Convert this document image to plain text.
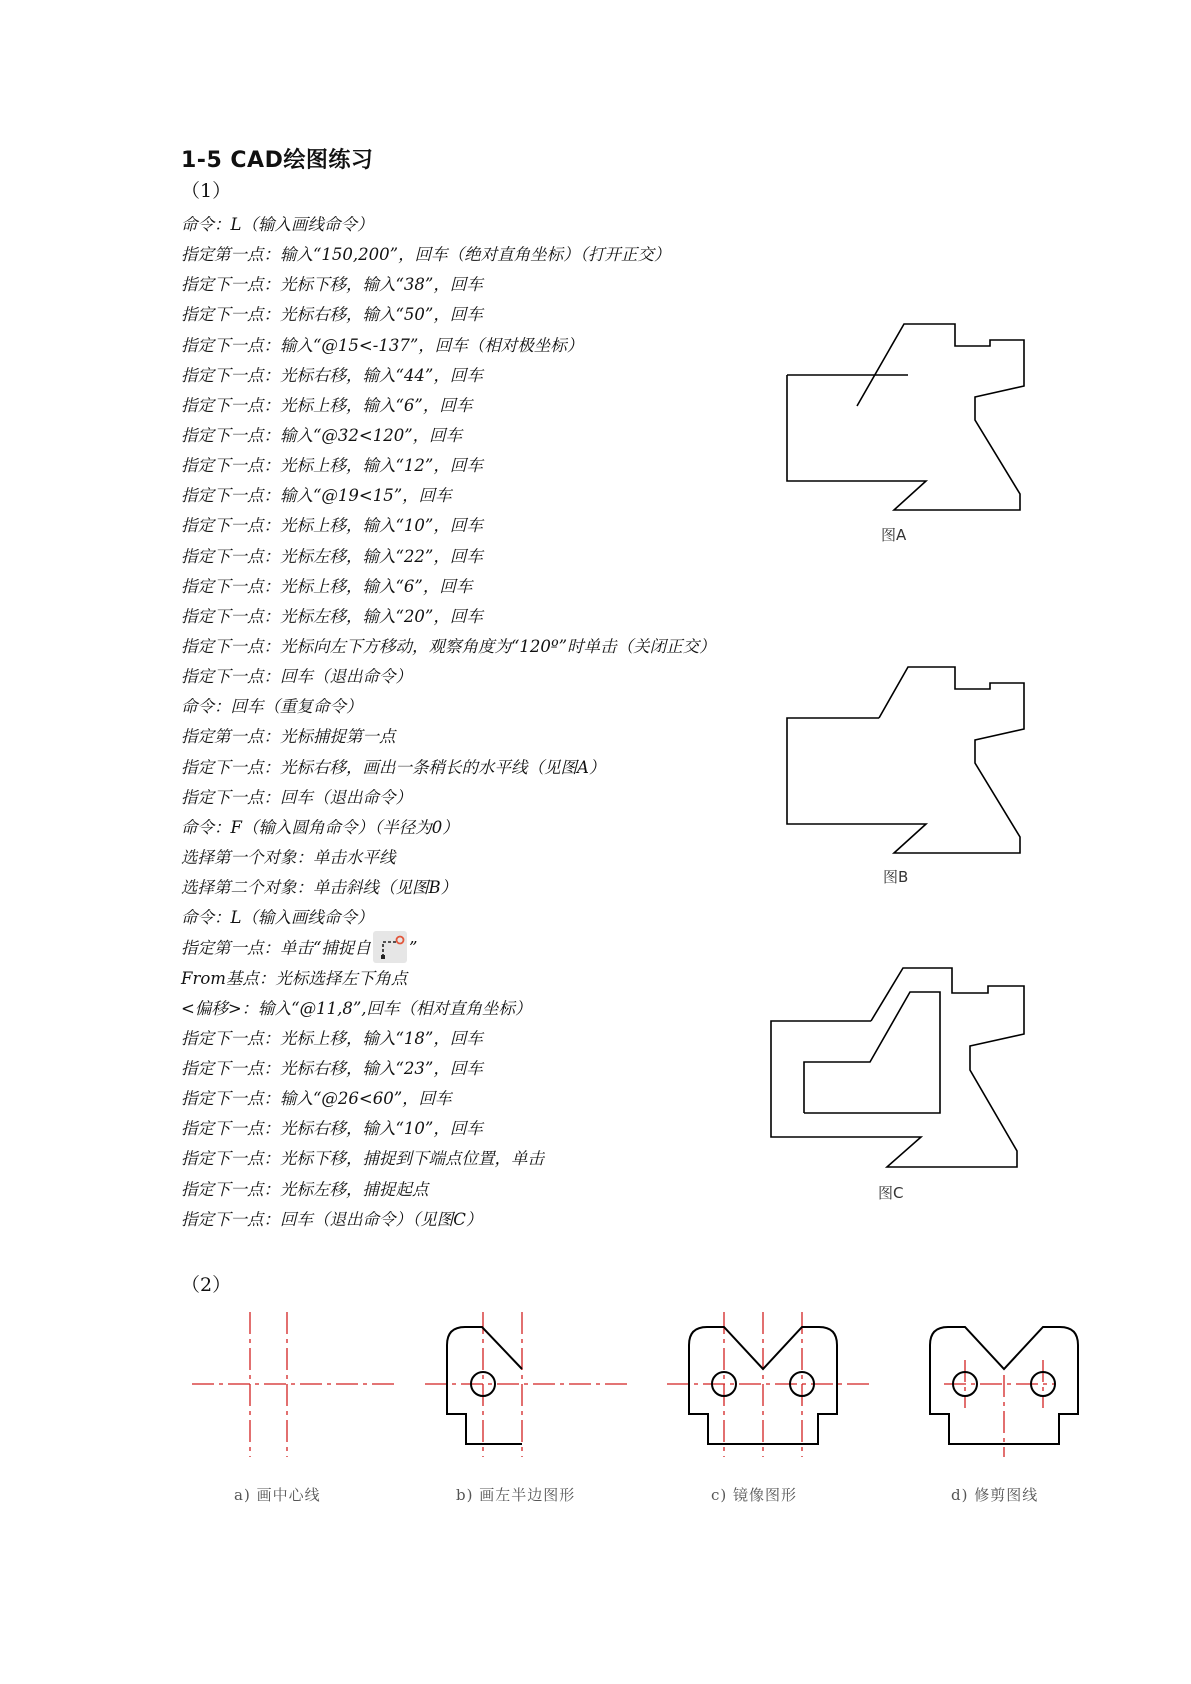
1-5 CAD绘图练习
（1）
命令：L（输入画线命令）
指定第一点：输入“150,200”，回车（绝对直角坐标）（打开正交）
指定下一点：光标下移，输入“38”，回车
指定下一点：光标右移，输入“50”，回车
指定下一点：输入“@15<-137”，回车（相对极坐标）
指定下一点：光标右移，输入“44”，回车
指定下一点：光标上移，输入“6”，回车
指定下一点：输入“@32<120”，回车
指定下一点：光标上移，输入“12”，回车
指定下一点：输入“@19<15”，回车
指定下一点：光标上移，输入“10”，回车
指定下一点：光标左移，输入“22”，回车
指定下一点：光标上移，输入“6”，回车
指定下一点：光标左移，输入“20”，回车
指定下一点：光标向左下方移动，观察角度为“120º”时单击（关闭正交）
指定下一点：回车（退出命令）
命令：回车（重复命令）
指定第一点：光标捕捉第一点
指定下一点：光标右移，画出一条稍长的水平线（见图A）
指定下一点：回车（退出命令）
命令：F（输入圆角命令）（半径为0）
选择第一个对象：单击水平线
选择第二个对象：单击斜线（见图B）
命令：L（输入画线命令）
指定第一点：单击“捕捉自 ”
From基点：光标选择左下角点
<偏移>：输入“@11,8”,回车（相对直角坐标）
指定下一点：光标上移，输入“18”，回车
指定下一点：光标右移，输入“23”，回车
指定下一点：输入“@26<60”，回车
指定下一点：光标右移，输入“10”，回车
指定下一点：光标下移，捕捉到下端点位置，单击
指定下一点：光标左移，捕捉起点
指定下一点：回车（退出命令）（见图C）
图A
图B
图C
（2）
a) 画中心线	b) 画左半边图形	c) 镜像图形	d) 修剪图线
